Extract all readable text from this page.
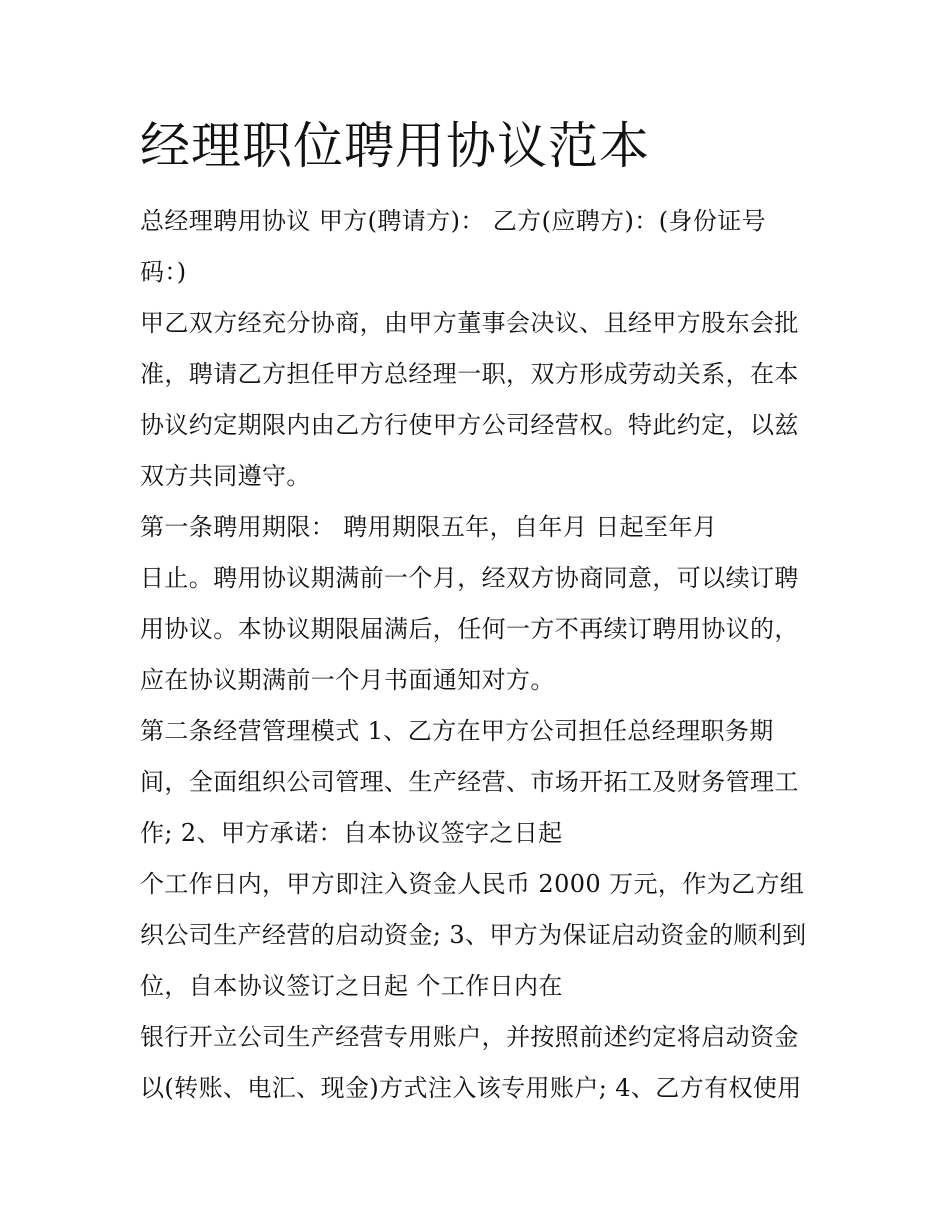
经理职位聘用协议范本
总经理聘用协议 甲方(聘请方)： 乙方(应聘方)：(身份证号
码：)
甲乙双方经充分协商，由甲方董事会决议、且经甲方股东会批
准，聘请乙方担任甲方总经理一职，双方形成劳动关系，在本
协议约定期限内由乙方行使甲方公司经营权。特此约定，以兹
双方共同遵守。
第一条聘用期限： 聘用期限五年，自年月 日起至年月
日止。聘用协议期满前一个月，经双方协商同意，可以续订聘
用协议。本协议期限届满后，任何一方不再续订聘用协议的，
应在协议期满前一个月书面通知对方。
第二条经营管理模式 1、乙方在甲方公司担任总经理职务期
间，全面组织公司管理、生产经营、市场开拓工及财务管理工
作; 2、甲方承诺：自本协议签字之日起
个工作日内，甲方即注入资金人民币 2000 万元，作为乙方组
织公司生产经营的启动资金; 3、甲方为保证启动资金的顺利到
位，自本协议签订之日起 个工作日内在
银行开立公司生产经营专用账户，并按照前述约定将启动资金
以(转账、电汇、现金)方式注入该专用账户; 4、乙方有权使用
